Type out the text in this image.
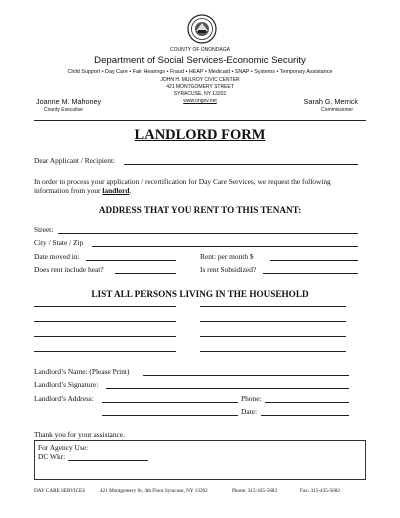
COUNTY OF ONONDAGA
Department of Social Services-Economic Security
Child Support • Day Care • Fair Hearings • Fraud • HEAP • Medicaid • SNAP • Systems • Temporary Assistance
JOHN H. MULROY CIVIC CENTER
421 MONTGOMERY STREET
SYRACUSE, NY 13202
www.ongov.net
Joanne M. Mahoney
County Executive
Sarah G. Merrick
Commissioner
LANDLORD FORM
Dear Applicant / Recipient:
In order to process your application / recertification for Day Care Services, we request the following
information from your landlord.
ADDRESS THAT YOU RENT TO THIS TENANT:
Street:
City / State / Zip
Date moved in:	Rent: per month $
Does rent include heat?	Is rent Subsidized?
LIST ALL PERSONS LIVING IN THE HOUSEHOLD
Landlord’s Name: (Please Print)
Landlord’s Signature:
Landlord’s Address:	Phone:
Date:
Thank you for your assistance.
For Agency Use:
DC Wkr:
DAY CARE SERVICES	421 Montgomery St, 4th Floor Syracuse, NY 13202	Phone: 315-435-5683	Fax: 315-435-5682
